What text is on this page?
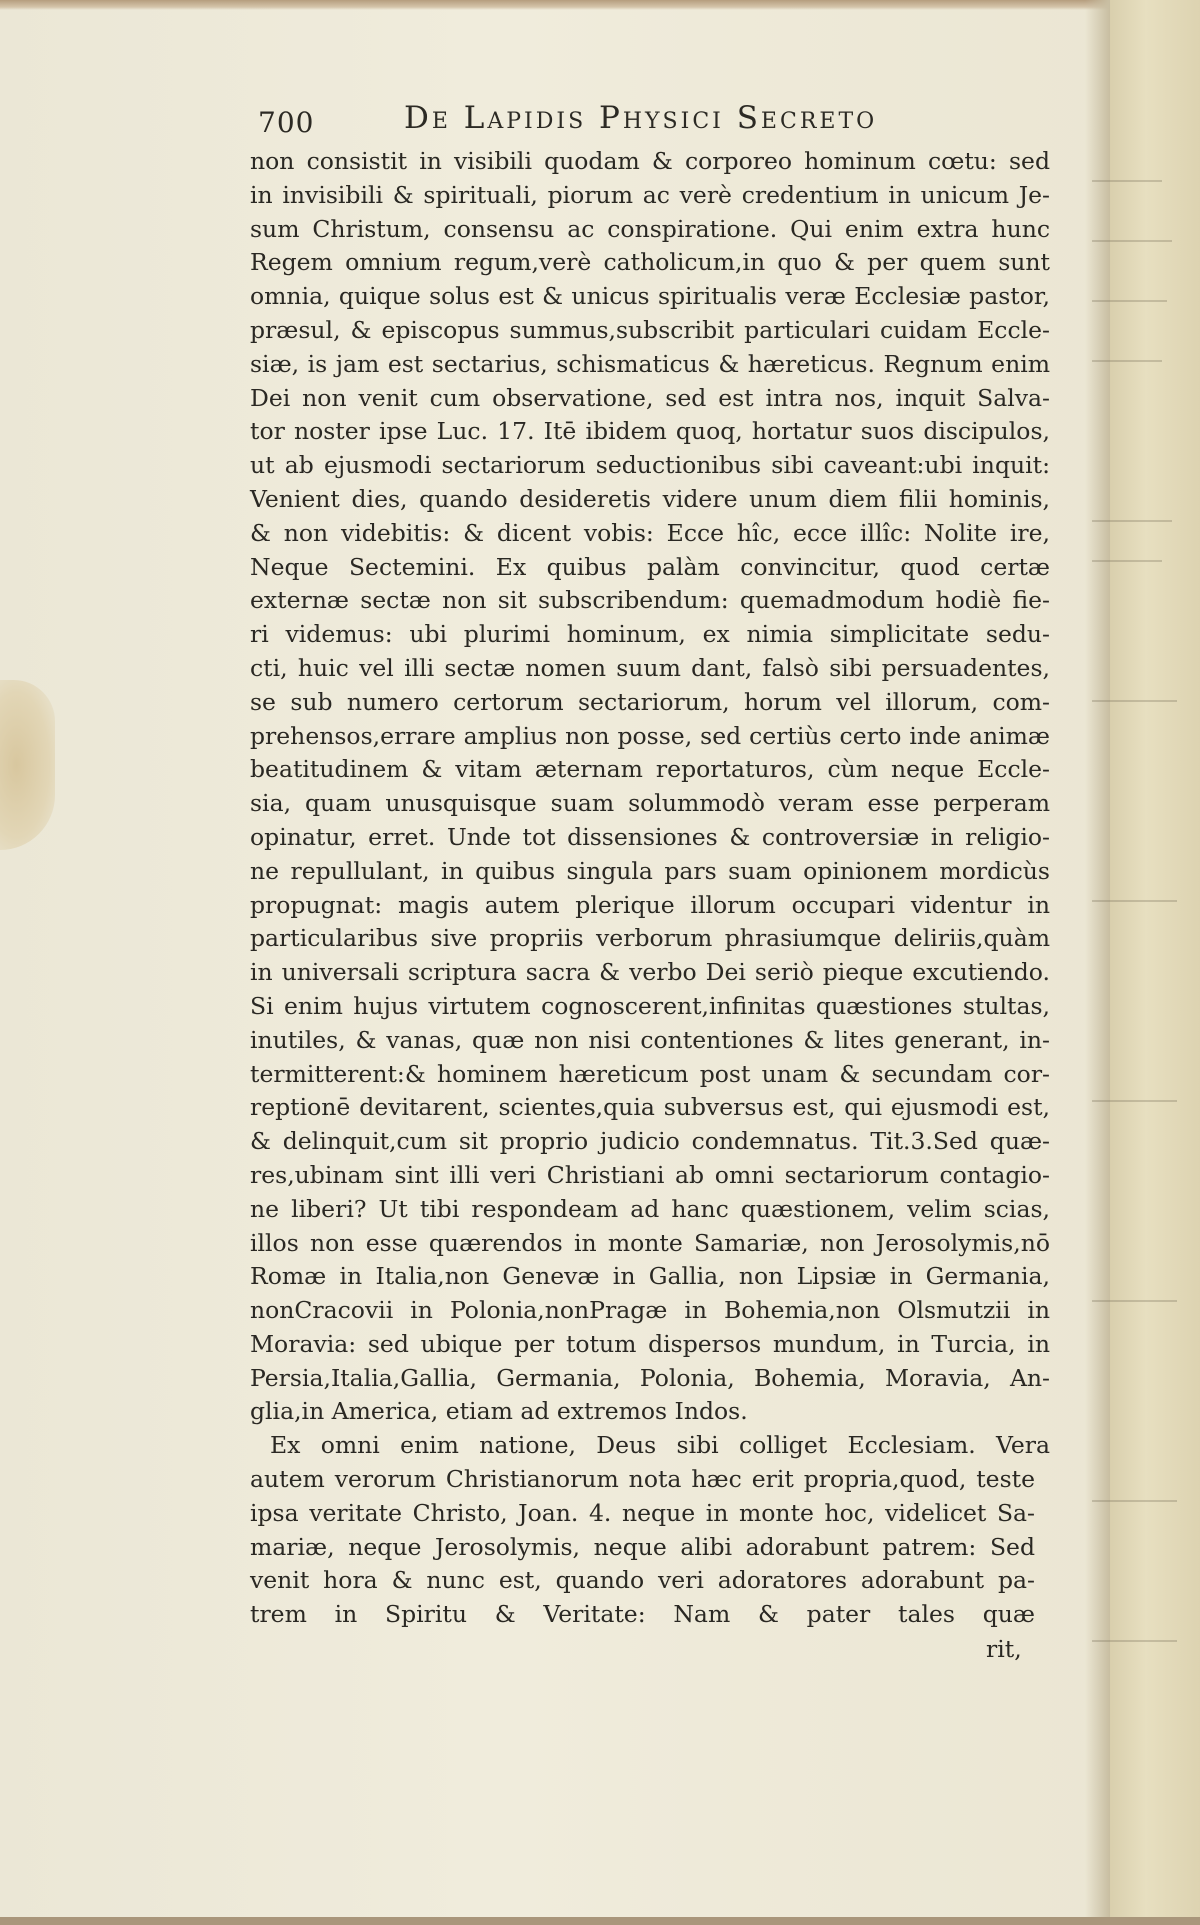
700	De Lapidis Physici Secreto
non consistit in visibili quodam & corporeo hominum cœtu: sed
in invisibili & spirituali, piorum ac verè credentium in unicum Je-
sum Christum, consensu ac conspiratione. Qui enim extra hunc
Regem omnium regum,verè catholicum,in quo & per quem sunt
omnia, quique solus est & unicus spiritualis veræ Ecclesiæ pastor,
præsul, & episcopus summus,subscribit particulari cuidam Eccle-
siæ, is jam est sectarius, schismaticus & hæreticus. Regnum enim
Dei non venit cum observatione, sed est intra nos, inquit Salva-
tor noster ipse Luc. 17. Itē ibidem quoq, hortatur suos discipulos,
ut ab ejusmodi sectariorum seductionibus sibi caveant:ubi inquit:
Venient dies, quando desideretis videre unum diem filii hominis,
& non videbitis: & dicent vobis: Ecce hîc, ecce illîc: Nolite ire,
Neque Sectemini. Ex quibus palàm convincitur, quod certæ
externæ sectæ non sit subscribendum: quemadmodum hodiè fie-
ri videmus: ubi plurimi hominum, ex nimia simplicitate sedu-
cti, huic vel illi sectæ nomen suum dant, falsò sibi persuadentes,
se sub numero certorum sectariorum, horum vel illorum, com-
prehensos,errare amplius non posse, sed certiùs certo inde animæ
beatitudinem & vitam æternam reportaturos, cùm neque Eccle-
sia, quam unusquisque suam solummodò veram esse perperam
opinatur, erret. Unde tot dissensiones & controversiæ in religio-
ne repullulant, in quibus singula pars suam opinionem mordicùs
propugnat: magis autem plerique illorum occupari videntur in
particularibus sive propriis verborum phrasiumque deliriis,quàm
in universali scriptura sacra & verbo Dei seriò pieque excutiendo.
Si enim hujus virtutem cognoscerent,infinitas quæstiones stultas,
inutiles, & vanas, quæ non nisi contentiones & lites generant, in-
termitterent:& hominem hæreticum post unam & secundam cor-
reptionē devitarent, scientes,quia subversus est, qui ejusmodi est,
& delinquit,cum sit proprio judicio condemnatus. Tit.3.Sed quæ-
res,ubinam sint illi veri Christiani ab omni sectariorum contagio-
ne liberi? Ut tibi respondeam ad hanc quæstionem, velim scias,
illos non esse quærendos in monte Samariæ, non Jerosolymis,nō
Romæ in Italia,non Genevæ in Gallia, non Lipsiæ in Germania,
nonCracovii in Polonia,nonPragæ in Bohemia,non Olsmutzii in
Moravia: sed ubique per totum dispersos mundum, in Turcia, in
Persia,Italia,Gallia, Germania, Polonia, Bohemia, Moravia, An-
glia,in America, etiam ad extremos Indos.
Ex omni enim natione, Deus sibi colliget Ecclesiam. Vera
autem verorum Christianorum nota hæc erit propria,quod, teste
ipsa veritate Christo, Joan. 4. neque in monte hoc, videlicet Sa-
mariæ, neque Jerosolymis, neque alibi adorabunt patrem: Sed
venit hora & nunc est, quando veri adoratores adorabunt pa-
trem in Spiritu & Veritate: Nam & pater tales quæ
rit,
